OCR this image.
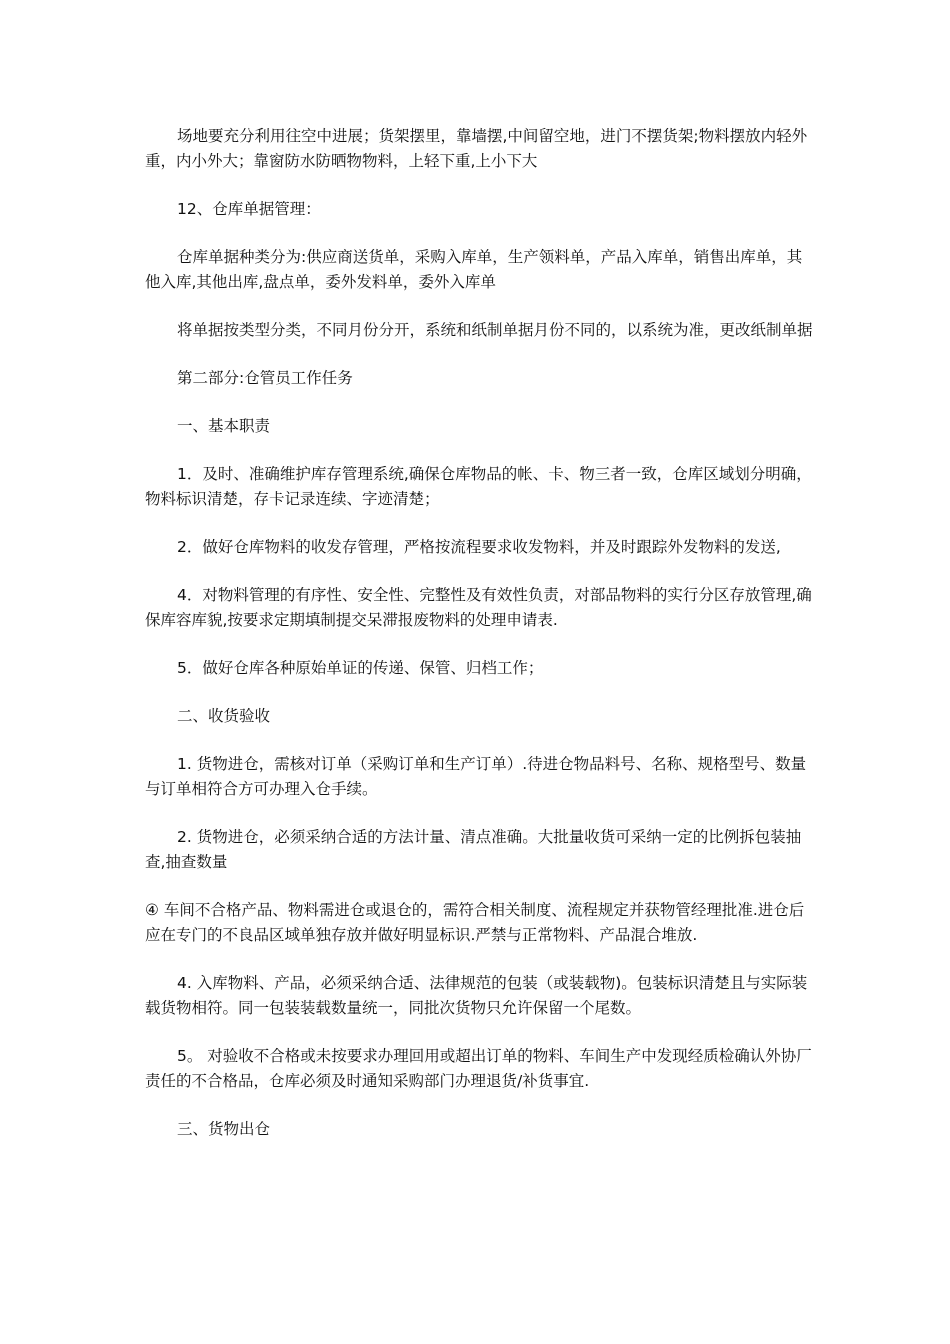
场地要充分利用往空中进展；货架摆里，靠墙摆,中间留空地，进门不摆货架;物料摆放内轻外重，内小外大；靠窗防水防晒物物料，上轻下重,上小下大

12、仓库单据管理：

仓库单据种类分为:供应商送货单，采购入库单，生产领料单，产品入库单，销售出库单，其他入库,其他出库,盘点单，委外发料单，委外入库单

将单据按类型分类，不同月份分开，系统和纸制单据月份不同的，以系统为准，更改纸制单据

第二部分:仓管员工作任务

一、基本职责

1．及时、准确维护库存管理系统,确保仓库物品的帐、卡、物三者一致，仓库区域划分明确，物料标识清楚，存卡记录连续、字迹清楚；

2．做好仓库物料的收发存管理，严格按流程要求收发物料，并及时跟踪外发物料的发送,

4．对物料管理的有序性、安全性、完整性及有效性负责，对部品物料的实行分区存放管理,确保库容库貌,按要求定期填制提交呆滞报废物料的处理申请表.

5．做好仓库各种原始单证的传递、保管、归档工作；

二、收货验收

1. 货物进仓，需核对订单（采购订单和生产订单）.待进仓物品料号、名称、规格型号、数量与订单相符合方可办理入仓手续。

2. 货物进仓，必须采纳合适的方法计量、清点准确。大批量收货可采纳一定的比例拆包装抽查,抽查数量

④ 车间不合格产品、物料需进仓或退仓的，需符合相关制度、流程规定并获物管经理批准.进仓后应在专门的不良品区域单独存放并做好明显标识.严禁与正常物料、产品混合堆放.

4. 入库物料、产品，必须采纳合适、法律规范的包装（或装载物)。包装标识清楚且与实际装载货物相符。同一包装装载数量统一，同批次货物只允许保留一个尾数。

5。 对验收不合格或未按要求办理回用或超出订单的物料、车间生产中发现经质检确认外协厂责任的不合格品，仓库必须及时通知采购部门办理退货/补货事宜.

三、货物出仓
